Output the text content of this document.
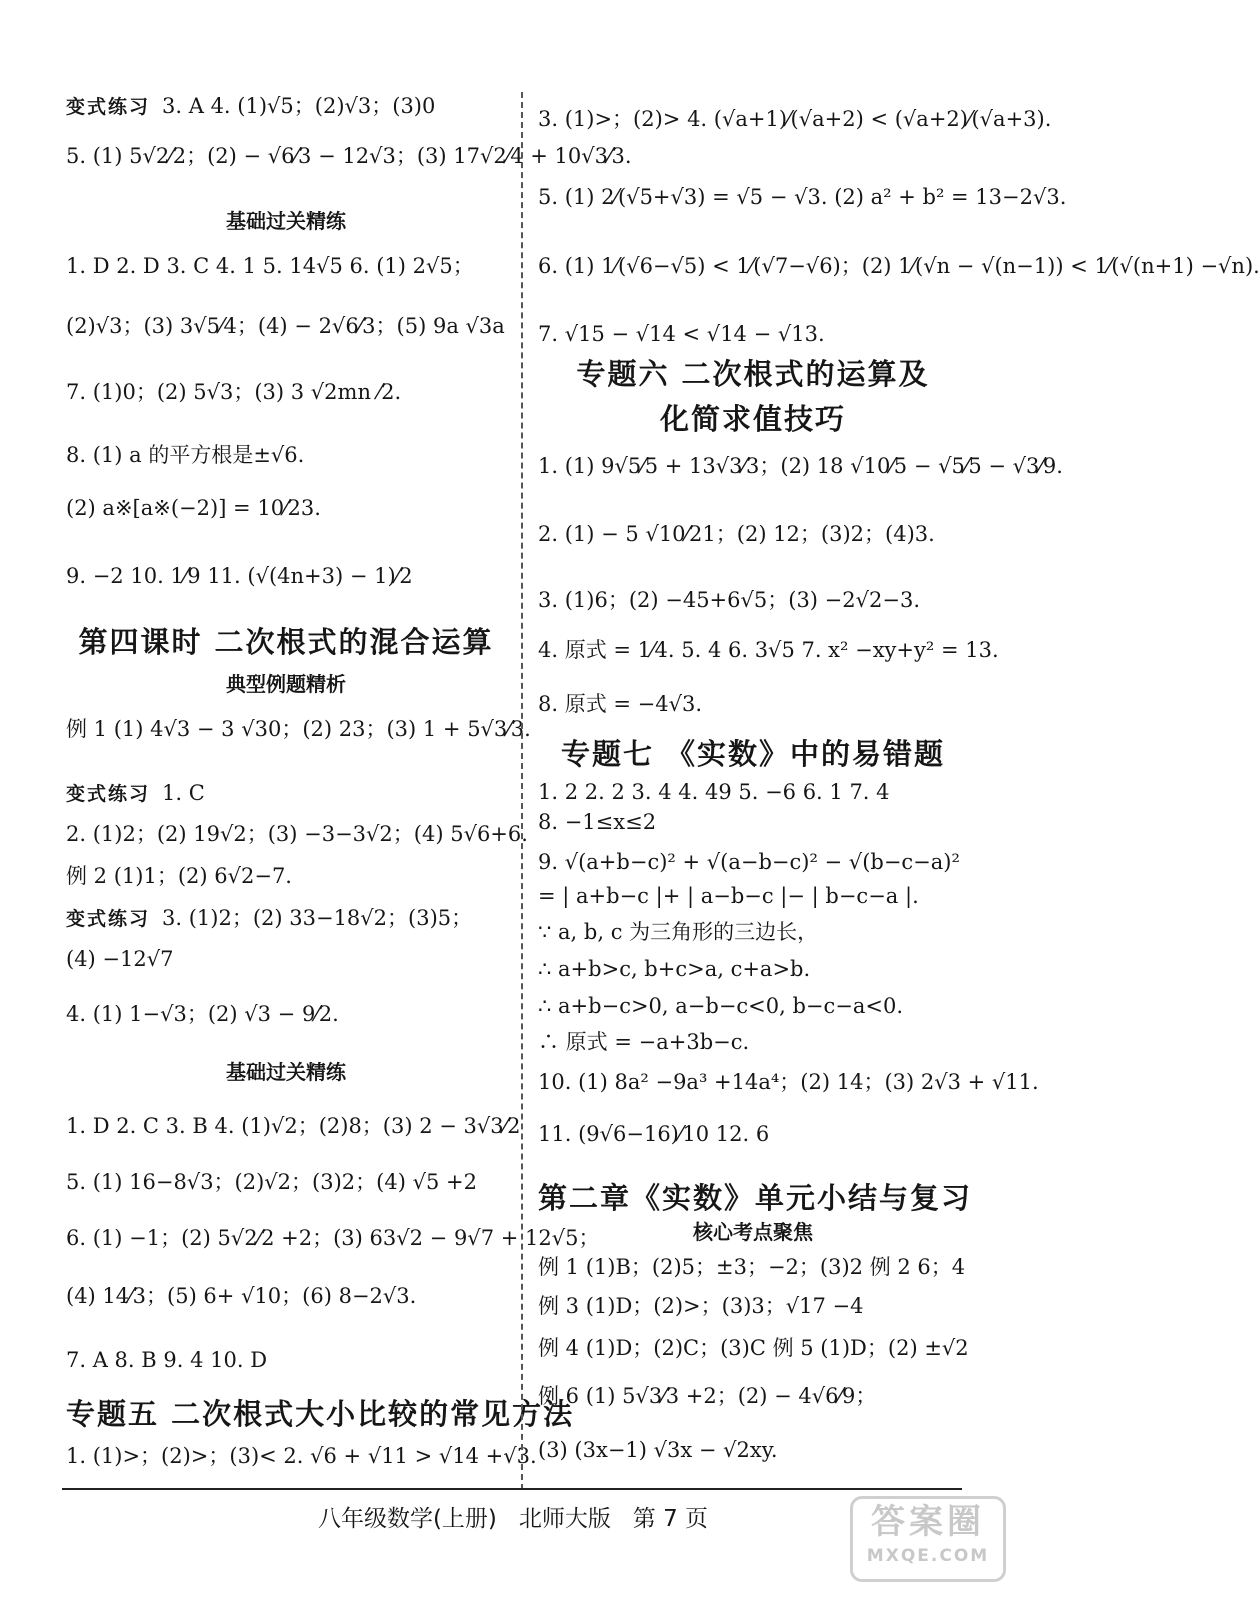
变式练习 3. A 4. (1)√5；(2)√3；(3)0
5. (1) 5√2⁄2；(2) − √6⁄3 − 12√3；(3) 17√2⁄4 + 10√3⁄3.
基础过关精练
1. D 2. D 3. C 4. 1 5. 14√5 6. (1) 2√5；
(2)√3；(3) 3√5⁄4；(4) − 2√6⁄3；(5) 9a √3a
7. (1)0；(2) 5√3；(3) 3 √2mn ⁄2.
8. (1) a 的平方根是±√6.
(2) a※[a※(−2)] = 10⁄23.
9. −2 10. 1⁄9 11. (√(4n+3) − 1)⁄2
第四课时 二次根式的混合运算
典型例题精析
例 1 (1) 4√3 − 3 √30；(2) 23；(3) 1 + 5√3⁄3.
变式练习 1. C
2. (1)2；(2) 19√2；(3) −3−3√2；(4) 5√6+6.
例 2 (1)1；(2) 6√2−7.
变式练习 3. (1)2；(2) 33−18√2；(3)5；
(4) −12√7
4. (1) 1−√3；(2) √3 − 9⁄2.
基础过关精练
1. D 2. C 3. B 4. (1)√2；(2)8；(3) 2 − 3√3⁄2
5. (1) 16−8√3；(2)√2；(3)2；(4) √5 +2
6. (1) −1；(2) 5√2⁄2 +2；(3) 63√2 − 9√7 + 12√5；
(4) 14⁄3；(5) 6+ √10；(6) 8−2√3.
7. A 8. B 9. 4 10. D
专题五 二次根式大小比较的常见方法
1. (1)>；(2)>；(3)< 2. √6 + √11 > √14 +√3.
3. (1)>；(2)> 4. (√a+1)⁄(√a+2) < (√a+2)⁄(√a+3).
5. (1) 2⁄(√5+√3) = √5 − √3. (2) a² + b² = 13−2√3.
6. (1) 1⁄(√6−√5) < 1⁄(√7−√6)；(2) 1⁄(√n − √(n−1)) < 1⁄(√(n+1) −√n).
7. √15 − √14 < √14 − √13.
专题六 二次根式的运算及
化简求值技巧
1. (1) 9√5⁄5 + 13√3⁄3；(2) 18 √10⁄5 − √5⁄5 − √3⁄9.
2. (1) − 5 √10⁄21；(2) 12；(3)2；(4)3.
3. (1)6；(2) −45+6√5；(3) −2√2−3.
4. 原式 = 1⁄4. 5. 4 6. 3√5 7. x² −xy+y² = 13.
8. 原式 = −4√3.
专题七 《实数》中的易错题
1. 2 2. 2 3. 4 4. 49 5. −6 6. 1 7. 4
8. −1≤x≤2
9. √(a+b−c)² + √(a−b−c)² − √(b−c−a)²
= | a+b−c |+ | a−b−c |− | b−c−a |.
∵ a, b, c 为三角形的三边长，
∴ a+b>c, b+c>a, c+a>b.
∴ a+b−c>0, a−b−c<0, b−c−a<0.
∴ 原式 = −a+3b−c.
10. (1) 8a² −9a³ +14a⁴；(2) 14；(3) 2√3 + √11.
11. (9√6−16)⁄10 12. 6
第二章《实数》单元小结与复习
核心考点聚焦
例 1 (1)B；(2)5；±3；−2；(3)2 例 2 6；4
例 3 (1)D；(2)>；(3)3；√17 −4
例 4 (1)D；(2)C；(3)C 例 5 (1)D；(2) ±√2
例 6 (1) 5√3⁄3 +2；(2) − 4√6⁄9；
(3) (3x−1) √3x − √2xy.
八年级数学(上册)   北师大版   第 7 页	答案圈
MXQE.COM
